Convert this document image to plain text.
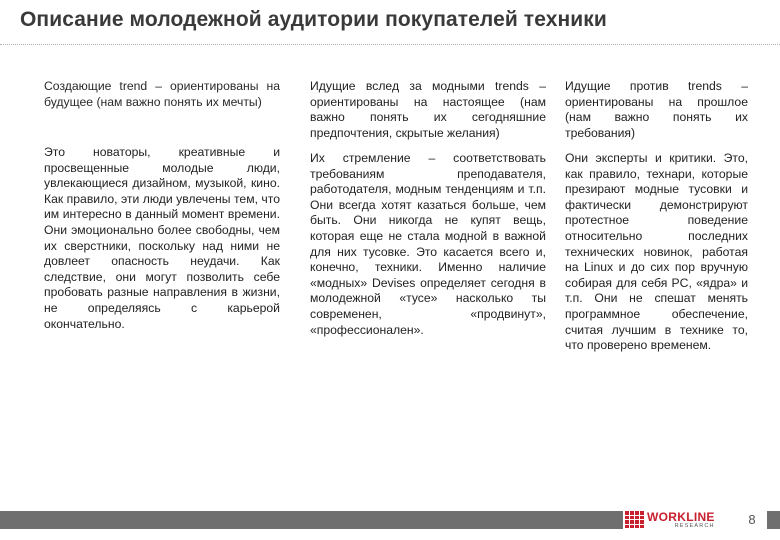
Описание молодежной аудитории покупателей техники
Создающие trend – ориентированы на будущее (нам важно понять их мечты)
Это новаторы, креативные и просвещенные молодые люди, увлекающиеся дизайном, музыкой, кино. Как правило, эти люди увлечены тем, что им интересно в данный момент времени. Они эмоционально более свободны, чем их сверстники, поскольку над ними не довлеет опасность неудачи. Как следствие, они могут позволить себе пробовать разные направления в жизни, не определяясь с карьерой окончательно.
Идущие вслед за модными trends – ориентированы на настоящее (нам важно понять их сегодняшние предпочтения, скрытые желания)
Их стремление – соответствовать требованиям преподавателя, работодателя, модным тенденциям и т.п. Они всегда хотят казаться больше, чем быть. Они никогда не купят вещь, которая еще не стала модной в важной для них тусовке. Это касается всего и, конечно, техники. Именно наличие «модных» Devises определяет сегодня в молодежной «тусе» насколько ты современен, «продвинут», «профессионален».
Идущие против trends – ориентированы на прошлое (нам важно понять их требования)
Они эксперты и критики. Это, как правило, технари, которые презирают модные тусовки и фактически демонстрируют протестное поведение относительно последних технических новинок, работая на Linux и до сих пор вручную собирая для себя PC, «ядра» и т.п. Они не спешат менять программное обеспечение, считая лучшим в технике то, что проверено временем.
WORKLINE
RESEARCH	8
